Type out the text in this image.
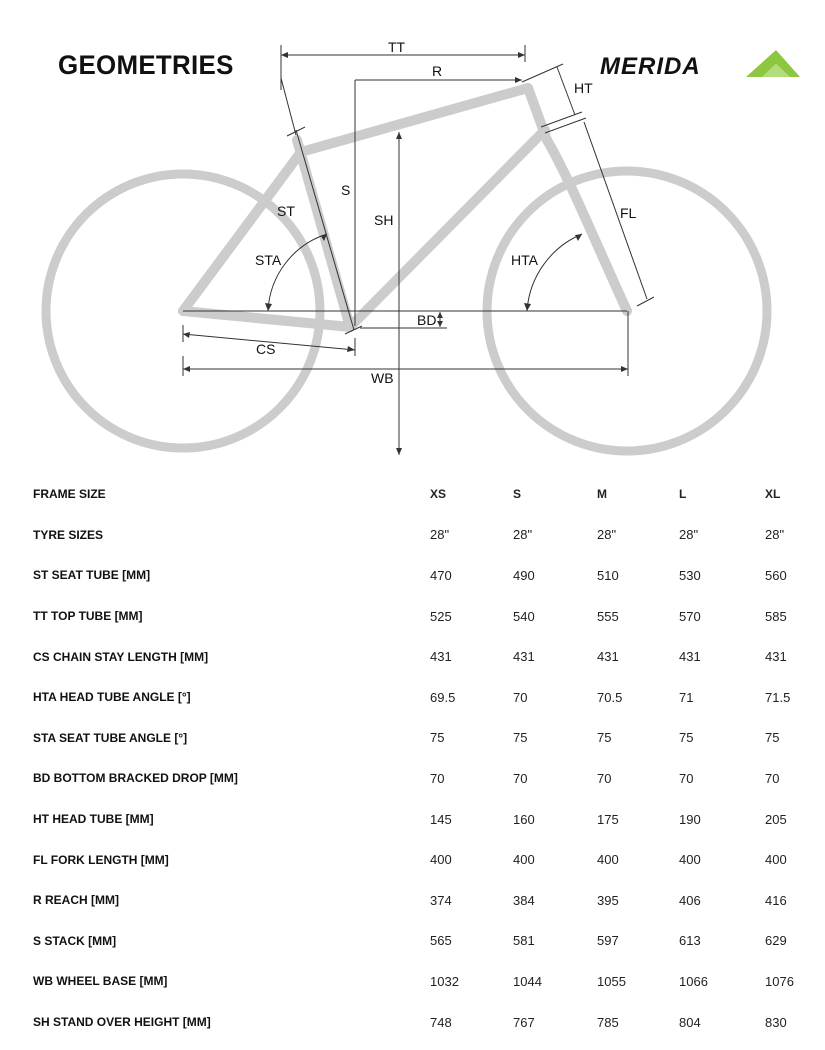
GEOMETRIES	MERIDA
TT
R
HT
S
SH
ST
STA
FL
HTA
BD
CS
WB
FRAME SIZE	XS	S	M	L	XL
TYRE SIZES	28"	28"	28"	28"	28"
ST SEAT TUBE [MM]	470	490	510	530	560
TT TOP TUBE [MM]	525	540	555	570	585
CS CHAIN STAY LENGTH [MM]	431	431	431	431	431
HTA HEAD TUBE ANGLE [°]	69.5	70	70.5	71	71.5
STA SEAT TUBE ANGLE [°]	75	75	75	75	75
BD BOTTOM BRACKED DROP [MM]	70	70	70	70	70
HT HEAD TUBE [MM]	145	160	175	190	205
FL FORK LENGTH [MM]	400	400	400	400	400
R REACH [MM]	374	384	395	406	416
S STACK [MM]	565	581	597	613	629
WB WHEEL BASE [MM]	1032	1044	1055	1066	1076
SH STAND OVER HEIGHT [MM]	748	767	785	804	830
